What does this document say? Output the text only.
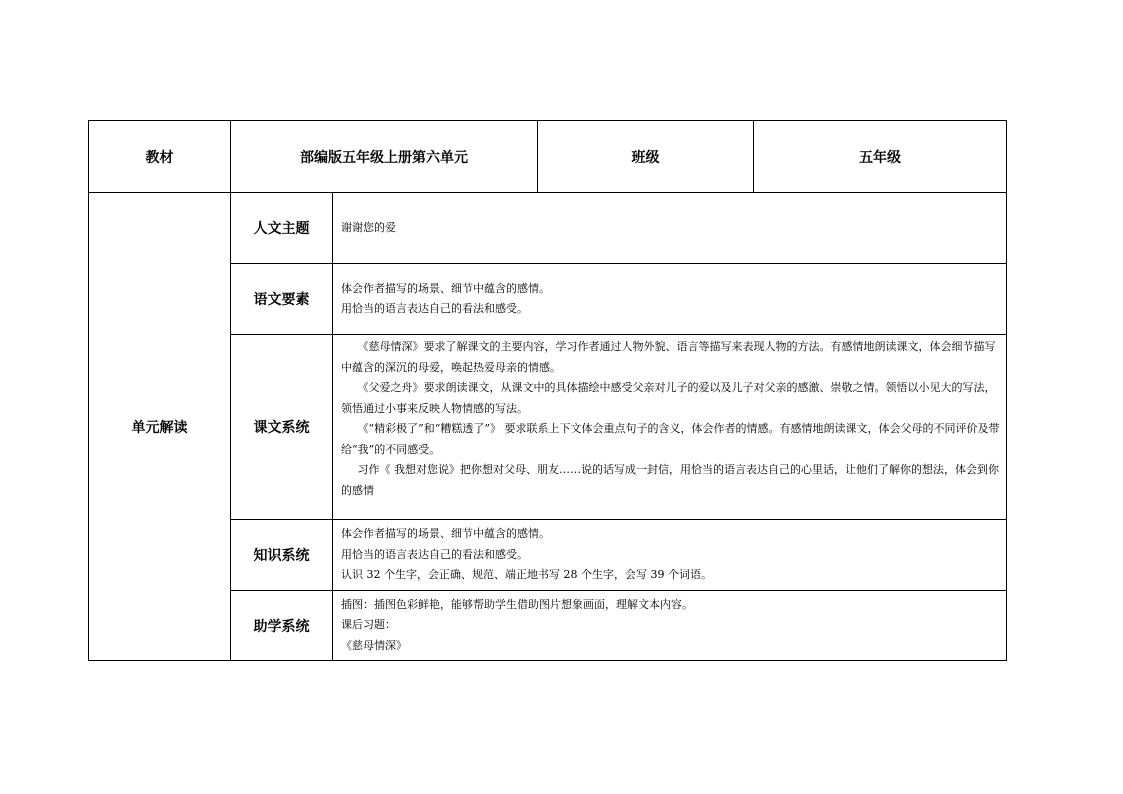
教材	部编版五年级上册第六单元		班级	五年级
单元解读	人文主题	谢谢您的爱		

	语文要素	体会作者描写的场景、细节中蕴含的感情。

用恰当的语言表达自己的看法和感受。		

	课文系统	《慈母情深》要求了解课文的主要内容，学习作者通过人物外貌、语言等描写来表现人物的方法。有感情地朗读课文，体会细节描写中蕴含的深沉的母爱，唤起热爱母亲的情感。

《父爱之舟》要求朗读课文，从课文中的具体描绘中感受父亲对儿子的爱以及儿子对父亲的感激、崇敬之情。领悟以小见大的写法，领悟通过小事来反映人物情感的写法。

《“精彩极了”和“糟糕透了”》 要求联系上下文体会重点句子的含义，体会作者的情感。有感情地朗读课文，体会父母的不同评价及带给“我”的不同感受。

习作《 我想对您说》把你想对父母、朋友……说的话写成一封信，用恰当的语言表达自己的心里话，让他们了解你的想法，体会到你的感情		

	知识系统	体会作者描写的场景、细节中蕴含的感情。

用恰当的语言表达自己的看法和感受。

认识 32 个生字，会正确、规范、端正地书写 28 个生字，会写 39 个词语。		

	助学系统	插图：插图色彩鲜艳，能够帮助学生借助图片想象画面，理解文本内容。

课后习题：

《慈母情深》		
